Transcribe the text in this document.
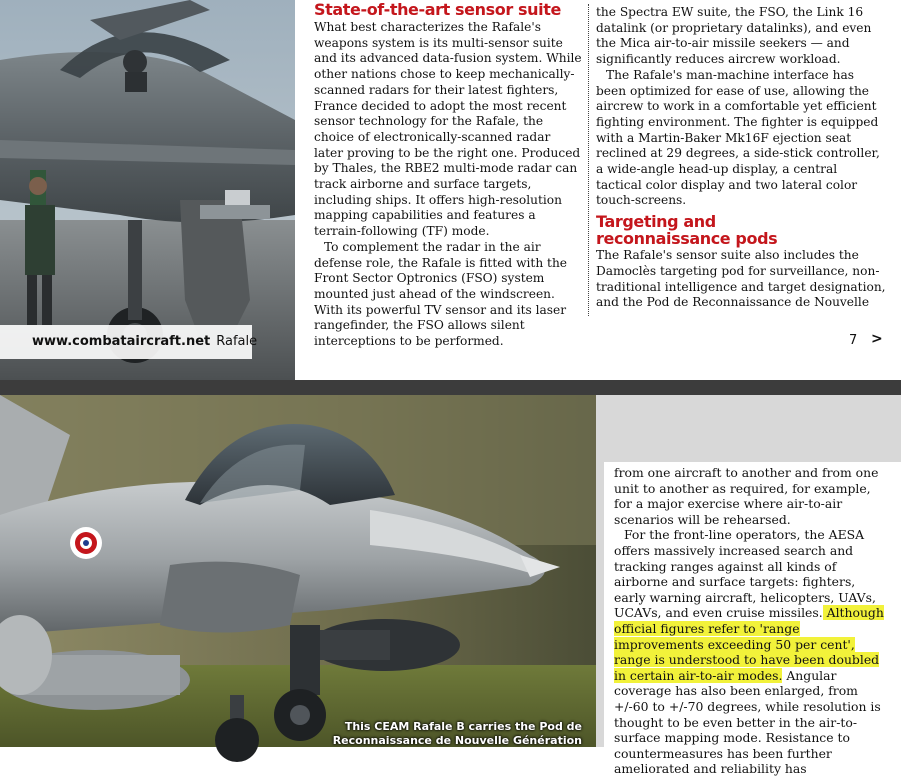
www.combataircraft.net Rafale
State-of-the-art sensor suite

What best characterizes the Rafale's weapons system is its multi-sensor suite and its advanced data-fusion system. While other nations chose to keep mechanically-scanned radars for their latest fighters, France decided to adopt the most recent sensor technology for the Rafale, the choice of electronically-scanned radar later proving to be the right one. Produced by Thales, the RBE2 multi-mode radar can track airborne and surface targets, including ships. It offers high-resolution mapping capabilities and features a terrain-following (TF) mode.

To complement the radar in the air defense role, the Rafale is fitted with the Front Sector Optronics (FSO) system mounted just ahead of the windscreen. With its powerful TV sensor and its laser rangefinder, the FSO allows silent interceptions to be performed.

the Spectra EW suite, the FSO, the Link 16 datalink (or proprietary datalinks), and even the Mica air-to-air missile seekers — and significantly reduces aircrew workload.

The Rafale's man-machine interface has been optimized for ease of use, allowing the aircrew to work in a comfortable yet efficient fighting environment. The fighter is equipped with a Martin-Baker Mk16F ejection seat reclined at 29 degrees, a side-stick controller, a wide-angle head-up display, a central tactical color display and two lateral color touch-screens.

Targeting and
reconnaissance pods

The Rafale's sensor suite also includes the Damoclès targeting pod for surveillance, non-traditional intelligence and target designation, and the Pod de Reconnaissance de Nouvelle

7 >
This CEAM Rafale B carries the Pod de
Reconnaissance de Nouvelle Génération

from one aircraft to another and from one unit to another as required, for example, for a major exercise where air-to-air scenarios will be rehearsed.

For the front-line operators, the AESA offers massively increased search and tracking ranges against all kinds of airborne and surface targets: fighters, early warning aircraft, helicopters, UAVs, UCAVs, and even cruise missiles. Although official figures refer to 'range improvements exceeding 50 per cent', range is understood to have been doubled in certain air-to-air modes. Angular coverage has also been enlarged, from +/-60 to +/-70 degrees, while resolution is thought to be even better in the air-to-surface mapping mode. Resistance to countermeasures has been further ameliorated and reliability has
